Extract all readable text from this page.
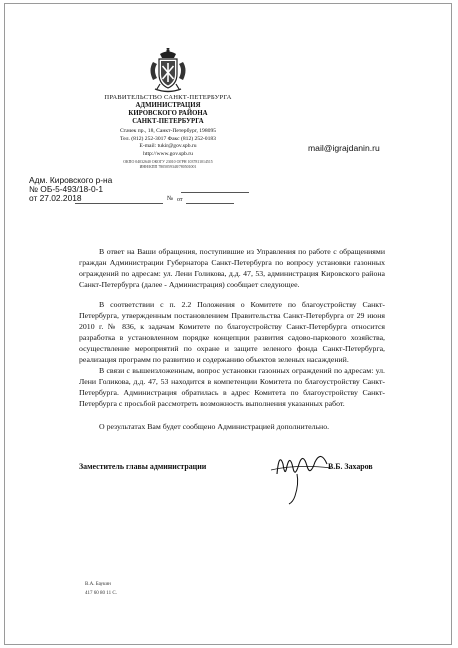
ПРАВИТЕЛЬСТВО САНКТ-ПЕТЕРБУРГА
АДМИНИСТРАЦИЯ
КИРОВСКОГО РАЙОНА
САНКТ-ПЕТЕРБУРГА
Стачек пр., 18, Санкт-Петербург, 198095
Тел. (812) 252-3017 Факс (812) 252-0183
E-mail: tukir@gov.spb.ru
http://www.gov.spb.ru
ОКПО 04032640 ОКОГУ 23010 ОГРН 1037811014515
ИНН/КПП 7805059348/780501001
mail@igrajdanin.ru
Адм. Кировского р-на
№ ОБ-5-493/18-0-1
от 27.02.2018	№ от
В ответ на Ваши обращения, поступившие из Управления по работе с обращениями граждан Администрации Губернатора Санкт-Петербурга по вопросу установки газонных ограждений по адресам: ул. Лени Голикова, д.д. 47, 53, администрация Кировского района Санкт-Петербурга (далее - Администрация) сообщает следующее.
В соответствии с п. 2.2 Положения о Комитете по благоустройству Санкт-Петербурга, утвержденным постановлением Правительства Санкт-Петербурга от 29 июня 2010 г. № 836, к задачам Комитете по благоустройству Санкт-Петербурга относится разработка в установленном порядке концепции развития садово-паркового хозяйства, осуществление мероприятий по охране и защите зеленого фонда Санкт-Петербурга, реализация программ по развитию и содержанию объектов зеленых насаждений.
В связи с вышеизложенным, вопрос установки газонных ограждений по адресам: ул. Лени Голикова, д.д. 47, 53 находится в компетенции Комитета по благоустройству Санкт-Петербурга. Администрация обратилась в адрес Комитета по благоустройству Санкт-Петербурга с просьбой рассмотреть возможность выполнения указанных работ.
О результатах Вам будет сообщено Администрацией дополнительно.
Заместитель главы администрации	В.Б. Захаров
В.А. Баукин
417 60 80 11 С.
